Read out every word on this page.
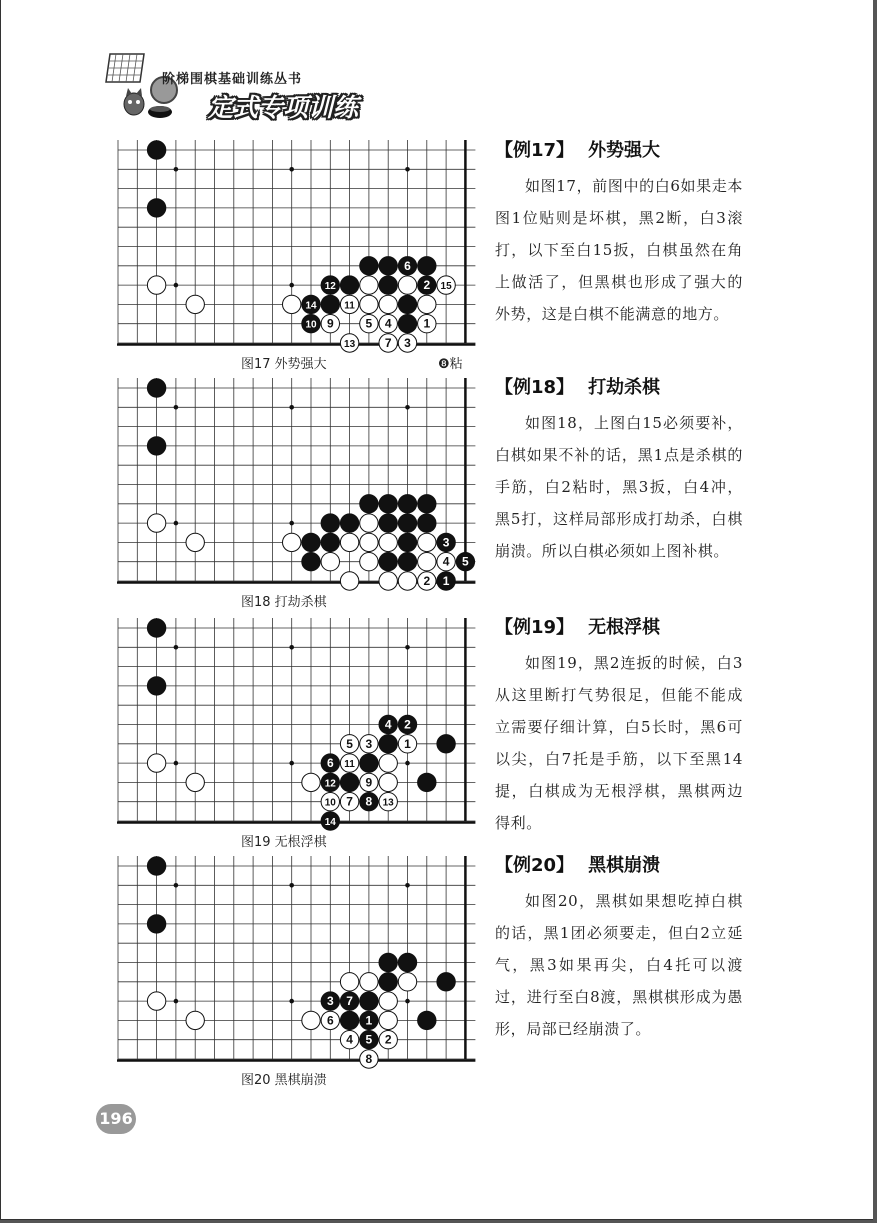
阶梯围棋基础训练丛书
定式专项训练
6
12	2 15
14	11
10 9	5 4	1
13 7 3
图17 外势强大	❽粘
3
4 5
2 1
图18 打劫杀棋
4 2
5 3	1
6 11
12 9
10 7 8 13
14
图19 无根浮棋
3 7
6	1
4 5 2
8
图20 黑棋崩溃
【例17】 外势强大
如图17，前图中的白6如果走本图1位贴则是坏棋，黑2断，白3滚打，以下至白15扳，白棋虽然在角上做活了，但黑棋也形成了强大的外势，这是白棋不能满意的地方。
【例18】 打劫杀棋
如图18，上图白15必须要补，白棋如果不补的话，黑1点是杀棋的手筋，白2粘时，黑3扳，白4冲，黑5打，这样局部形成打劫杀，白棋崩溃。所以白棋必须如上图补棋。
【例19】 无根浮棋
如图19，黑2连扳的时候，白3从这里断打气势很足，但能不能成立需要仔细计算，白5长时，黑6可以尖，白7托是手筋，以下至黑14提，白棋成为无根浮棋，黑棋两边得利。
【例20】 黑棋崩溃
如图20，黑棋如果想吃掉白棋的话，黑1团必须要走，但白2立延气，黑3如果再尖，白4托可以渡过，进行至白8渡，黑棋棋形成为愚形，局部已经崩溃了。
196
